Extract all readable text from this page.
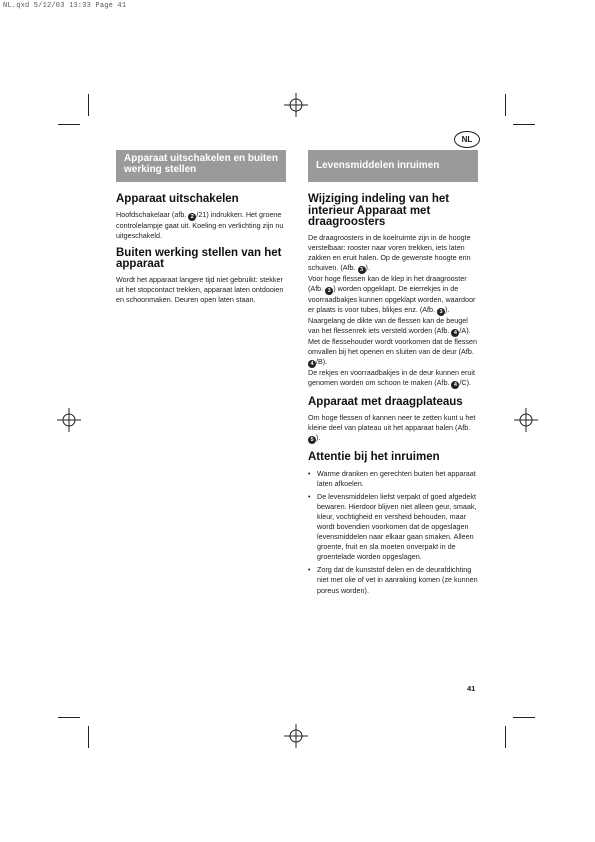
NL.qxd 5/12/03 13:33 Page 41
NL
Apparaat uitschakelen en buiten werking stellen
Apparaat uitschakelen

Hoofdschakelaar (afb. 2 /21) indrukken. Het groene controlelampje gaat uit. Koeling en verlichting zijn nu uitgeschakeld.

Buiten werking stellen van het apparaat

Wordt het apparaat langere tijd niet gebruikt: stekker uit het stopcontact trekken, apparaat laten ontdooien en schoonmaken. Deuren open laten staan.

Levensmiddelen inruimen
Wijziging indeling van het interieur Apparaat met draagroosters

De draagroosters in de koelruimte zijn in de hoogte verstelbaar: rooster naar voren trekken, iets laten zakken en eruit halen. Op de gewenste hoogte erin schuiven. (Afb. 3 ).

Voor hoge flessen kan de klep in het draagrooster (Afb. 3 ) worden opgeklapt. De eierrekjes in de voorraadbakjes kunnen opgeklapt worden, waardoor er plaats is voor tubes, blikjes enz. (Afb. 3 ).

Naargelang de dikte van de flessen kan de beugel van het flessenrek iets versteld worden (Afb. 4 /A).

Met de flessehouder wordt voorkomen dat de flessen omvallen bij het openen en sluiten van de deur (Afb. 4 /B).

De rekjes en voorraadbakjes in de deur kunnen eruit genomen worden om schoon te maken (Afb. 4 /C).

Apparaat met draagplateaus

Om hoge flessen of kannen neer te zetten kunt u het kleine deel van plateau uit het apparaat halen (Afb. 5 ).

Attentie bij het inruimen
• Warme dranken en gerechten buiten het apparaat laten afkoelen.
• De levensmiddelen liefst verpakt of goed afgedekt bewaren. Hierdoor blijven niet alleen geur, smaak, kleur, vochtigheid en versheid behouden, maar wordt bovendien voorkomen dat de opgeslagen levensmiddelen naar elkaar gaan smaken. Alleen groente, fruit en sla moeten onverpakt in de groentelade worden opgeslagen.
• Zorg dat de kunststof delen en de deurafdichting niet met olie of vet in aanraking komen (ze kunnen poreus worden).
41
